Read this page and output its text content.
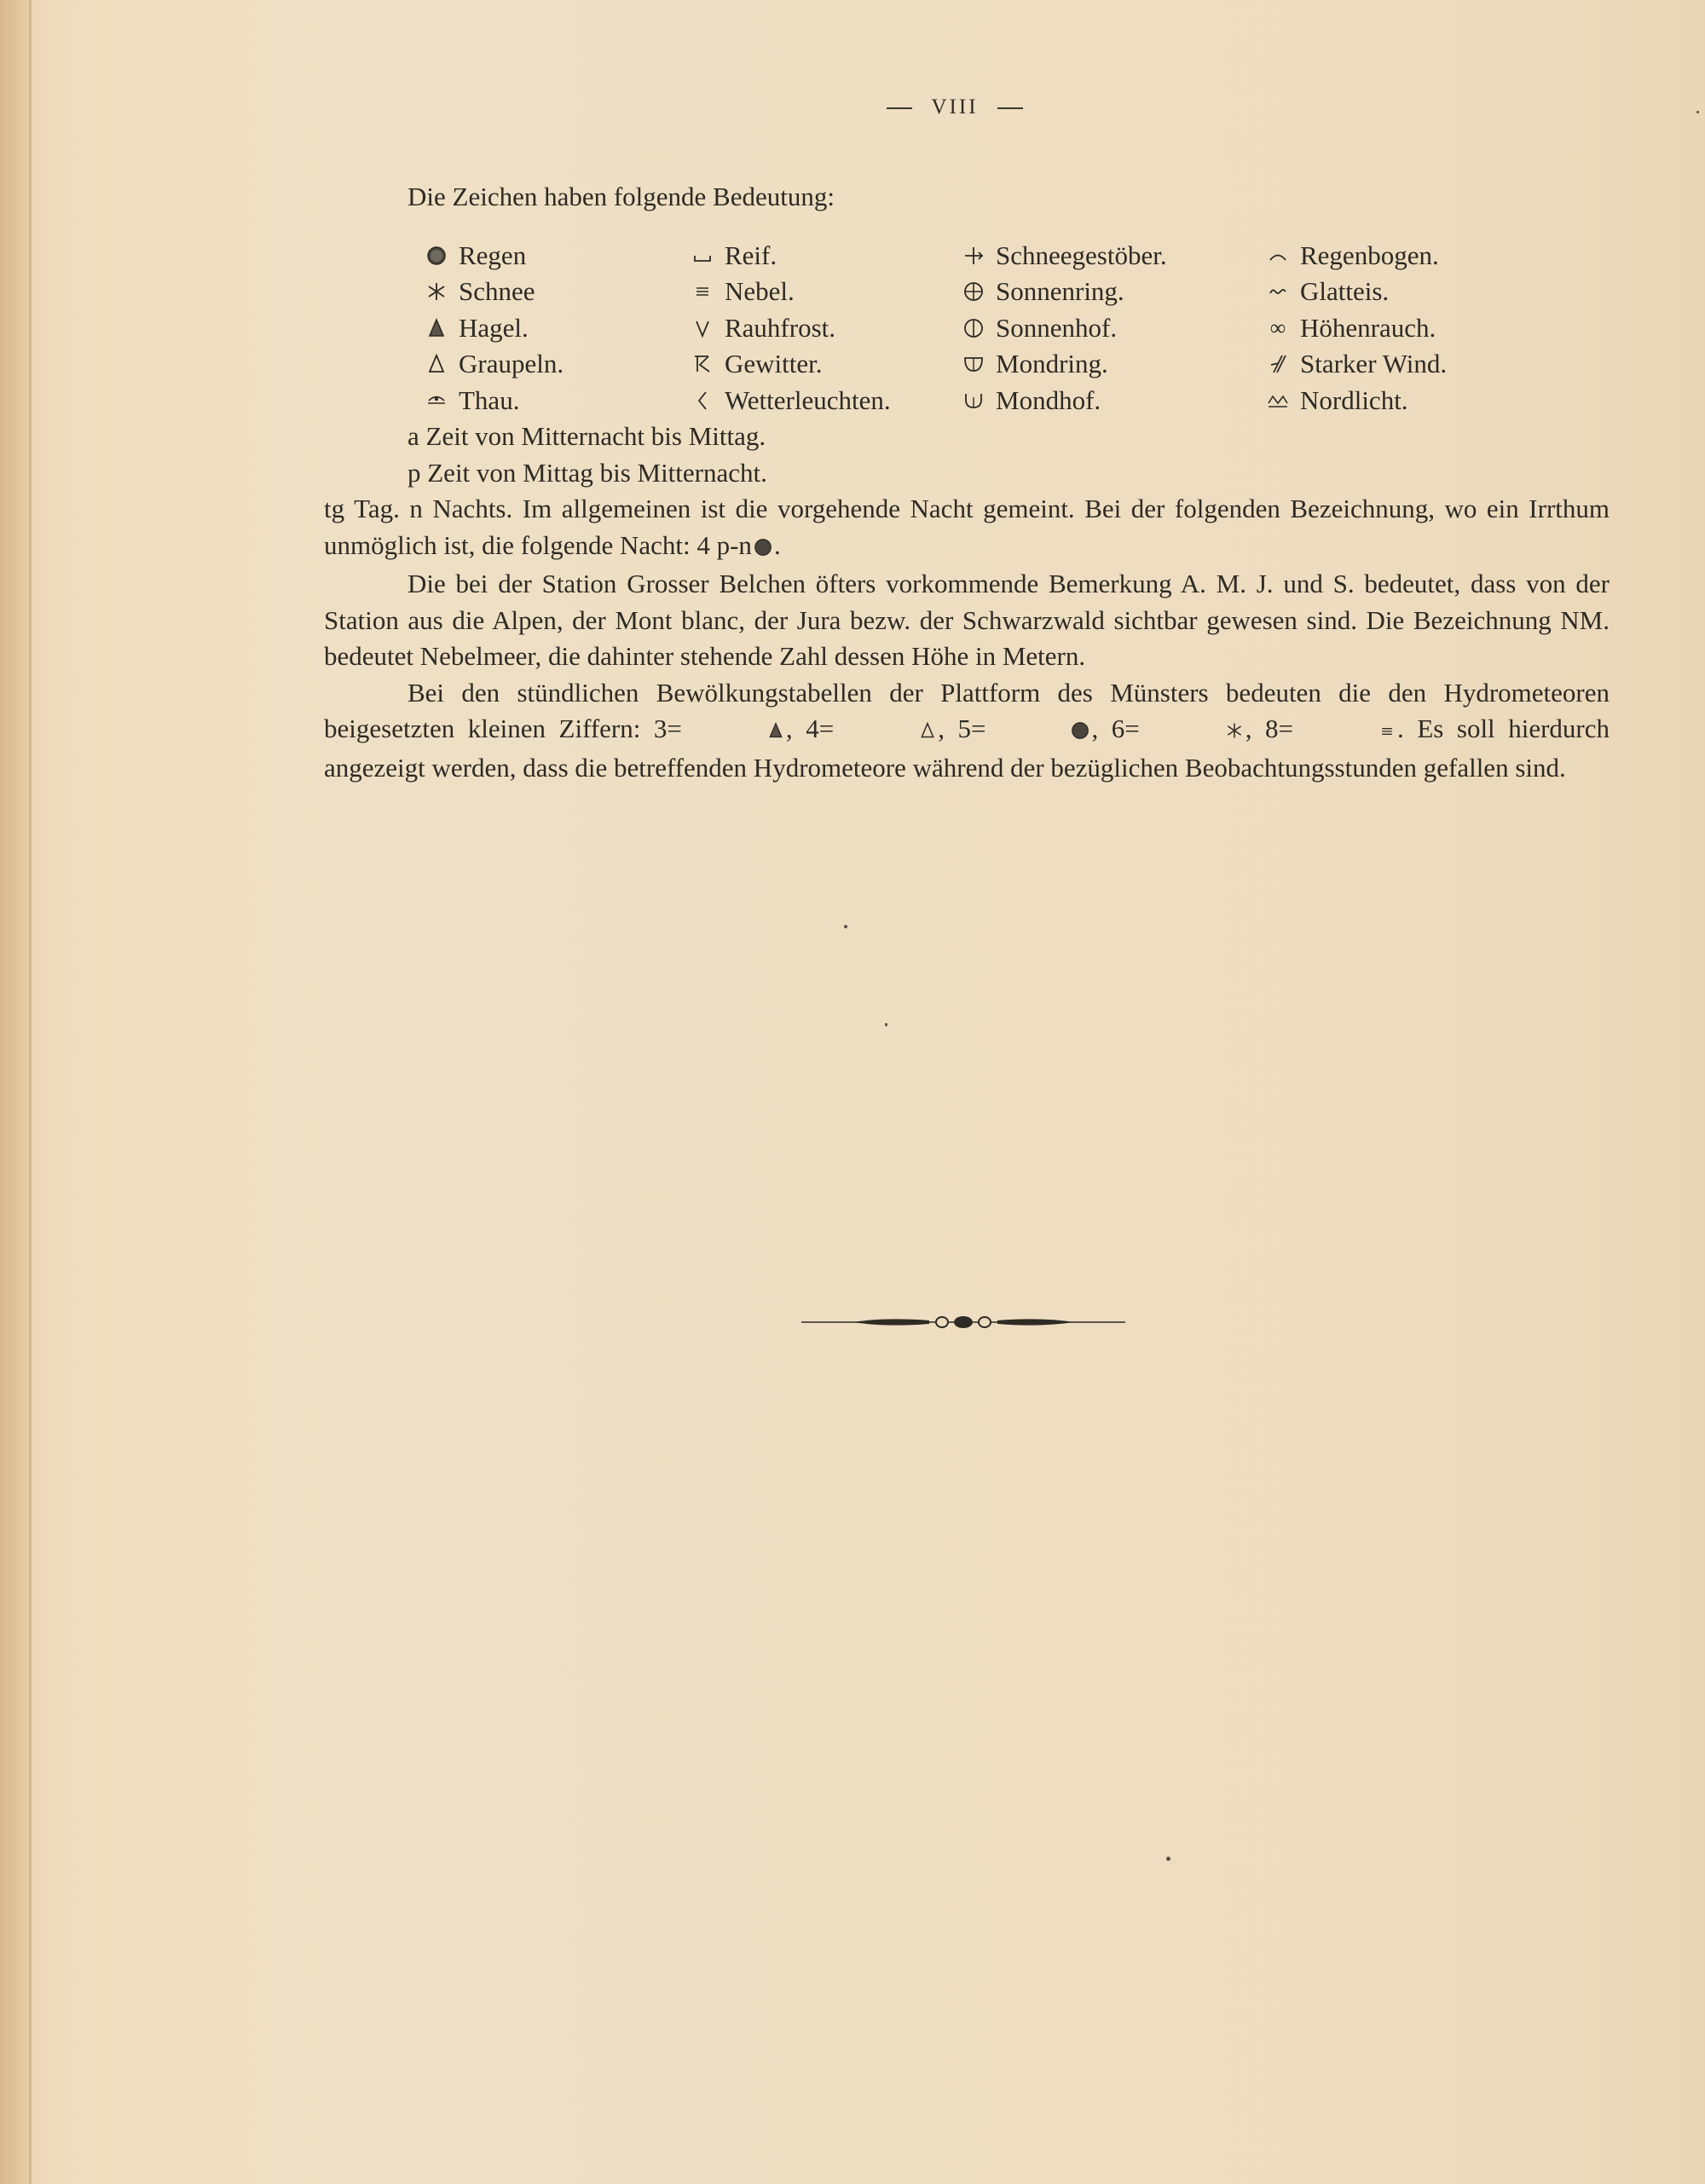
VIII

Die Zeichen haben folgende Bedeutung:

Regen	Reif.	Schneegestöber.	Regenbogen.
Schnee	Nebel.	Sonnenring.	Glatteis.
Hagel.	Rauhfrost.	Sonnenhof.	∞ Höhenrauch.
Graupeln.	Gewitter.	Mondring.	Starker Wind.
Thau.	Wetterleuchten.	Mondhof.	Nordlicht.

a Zeit von Mitternacht bis Mittag.

p Zeit von Mittag bis Mitternacht.

tg Tag. n Nachts. Im allgemeinen ist die vorgehende Nacht gemeint. Bei der folgenden Bezeichnung, wo ein Irrthum unmöglich ist, die folgende Nacht: 4 p-n .

Die bei der Station Grosser Belchen öfters vorkommende Bemerkung A. M. J. und S. bedeutet, dass von der Station aus die Alpen, der Mont blanc, der Jura bezw. der Schwarzwald sichtbar gewesen sind. Die Bezeichnung NM. bedeutet Nebelmeer, die dahinter stehende Zahl dessen Höhe in Metern.

Bei den stündlichen Bewölkungstabellen der Plattform des Münsters bedeuten die den Hydrometeoren beigesetzten kleinen Ziffern: 3=	, 4=	, 5=	, 6=	, 8=	. Es soll hierdurch angezeigt werden, dass die betreffenden Hydrometeore während der bezüglichen Beobachtungsstunden gefallen sind.
